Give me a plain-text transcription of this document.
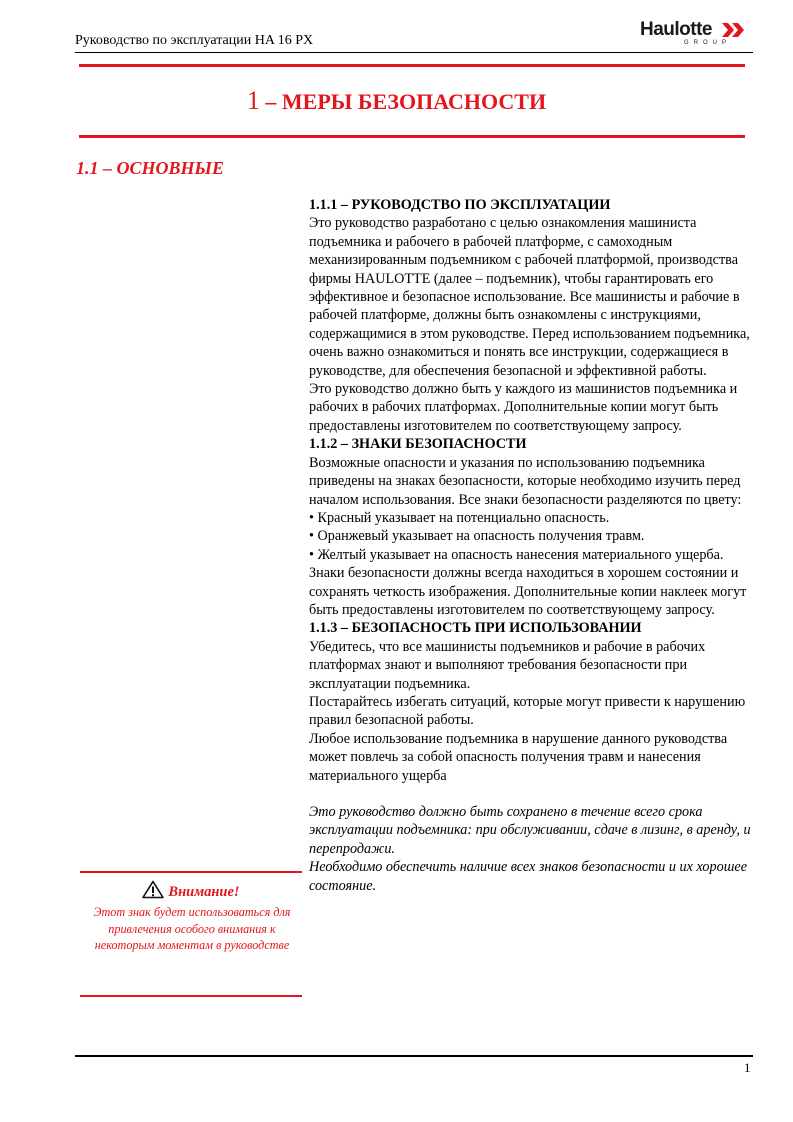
Руководство по эксплуатации HA 16 PX
Haulotte
GROUP
1 – МЕРЫ БЕЗОПАСНОСТИ
1.1 – ОСНОВНЫЕ

1.1.1 – РУКОВОДСТВО ПО ЭКСПЛУАТАЦИИ

Это руководство разработано с целью ознакомления машиниста подъемника и рабочего в рабочей платформе, с самоходным механизированным подъемником с рабочей платформой, производства фирмы HAULOTTE (далее – подъемник), чтобы гарантировать его эффективное и безопасное использование. Все машинисты и рабочие в рабочей платформе, должны быть ознакомлены с инструкциями, содержащимися в этом руководстве. Перед использованием подъемника, очень важно ознакомиться и понять все инструкции, содержащиеся в руководстве, для обеспечения безопасной и эффективной работы.

Это руководство должно быть у каждого из машинистов подъемника и рабочих в рабочих платформах. Дополнительные копии могут быть предоставлены изготовителем по соответствующему запросу.

1.1.2 – ЗНАКИ БЕЗОПАСНОСТИ

Возможные опасности и указания по использованию подъемника приведены на знаках безопасности, которые необходимо изучить перед началом использования. Все знаки безопасности разделяются по цвету:

• Красный указывает на потенциально опасность.

• Оранжевый указывает на опасность получения травм.

• Желтый указывает на опасность нанесения материального ущерба.

Знаки безопасности должны всегда находиться в хорошем состоянии и сохранять четкость изображения. Дополнительные копии наклеек могут быть предоставлены изготовителем по соответствующему запросу.

1.1.3 – БЕЗОПАСНОСТЬ ПРИ ИСПОЛЬЗОВАНИИ

Убедитесь, что все машинисты подъемников и рабочие в рабочих платформах знают и выполняют требования безопасности при эксплуатации подъемника.

Постарайтесь избегать ситуаций, которые могут привести к нарушению правил безопасной работы.

Любое использование подъемника в нарушение данного руководства может повлечь за собой опасность получения травм и нанесения материального ущерба

Это руководство должно быть сохранено в течение всего срока эксплуатации подъемника: при обслуживании, сдаче в лизинг, в аренду, и перепродажи.

Необходимо обеспечить наличие всех знаков безопасности и их хорошее состояние.

Внимание!
Этот знак будет использоваться для привлечения особого внимания к некоторым моментам в руководстве
1
